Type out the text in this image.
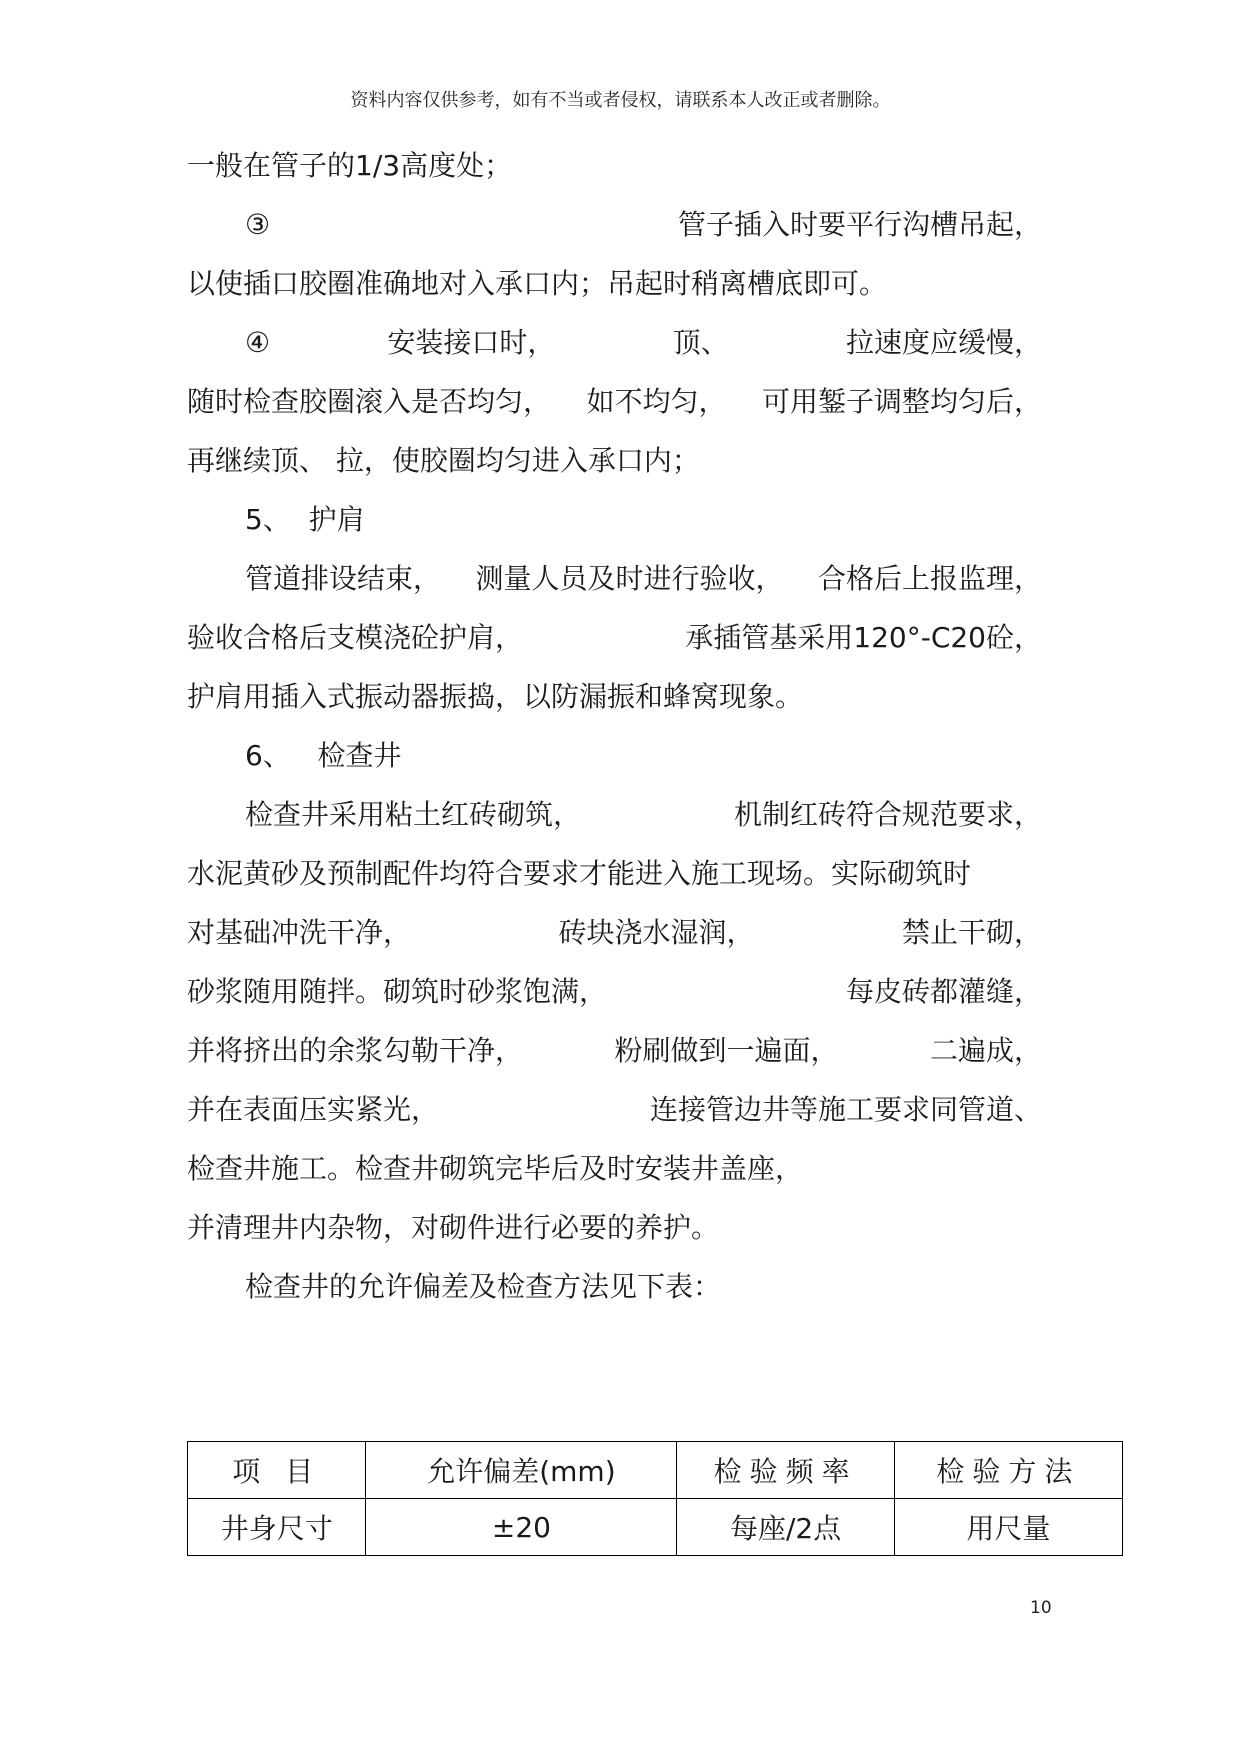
资料内容仅供参考，如有不当或者侵权，请联系本人改正或者删除。
一般在管子的1/3高度处；
③	管子插入时要平行沟槽吊起，
以使插口胶圈准确地对入承口内；吊起时稍离槽底即可。
④	安装接口时，	顶、	拉速度应缓慢，
随时检查胶圈滚入是否均匀， 如不均匀， 可用錾子调整均匀后，
再继续顶、 拉，使胶圈均匀进入承口内；
5、  护肩
管道排设结束， 测量人员及时进行验收， 合格后上报监理，
验收合格后支模浇砼护肩，	承插管基采用120°-C20砼，
护肩用插入式振动器振捣，以防漏振和蜂窝现象。
6、   检查井
检查井采用粘土红砖砌筑，	机制红砖符合规范要求，
水泥黄砂及预制配件均符合要求才能进入施工现场。实际砌筑时
对基础冲洗干净，	砖块浇水湿润，	禁止干砌，
砂浆随用随拌。砌筑时砂浆饱满，	每皮砖都灌缝，
并将挤出的余浆勾勒干净，	粉刷做到一遍面，	二遍成，
并在表面压实紧光，	连接管边井等施工要求同管道、
检查井施工。检查井砌筑完毕后及时安装井盖座，
并清理井内杂物，对砌件进行必要的养护。
检查井的允许偏差及检查方法见下表：
项 目	允许偏差(mm)	检验频率	检验方法
井身尺寸	±20	每座/2点	用尺量
10
